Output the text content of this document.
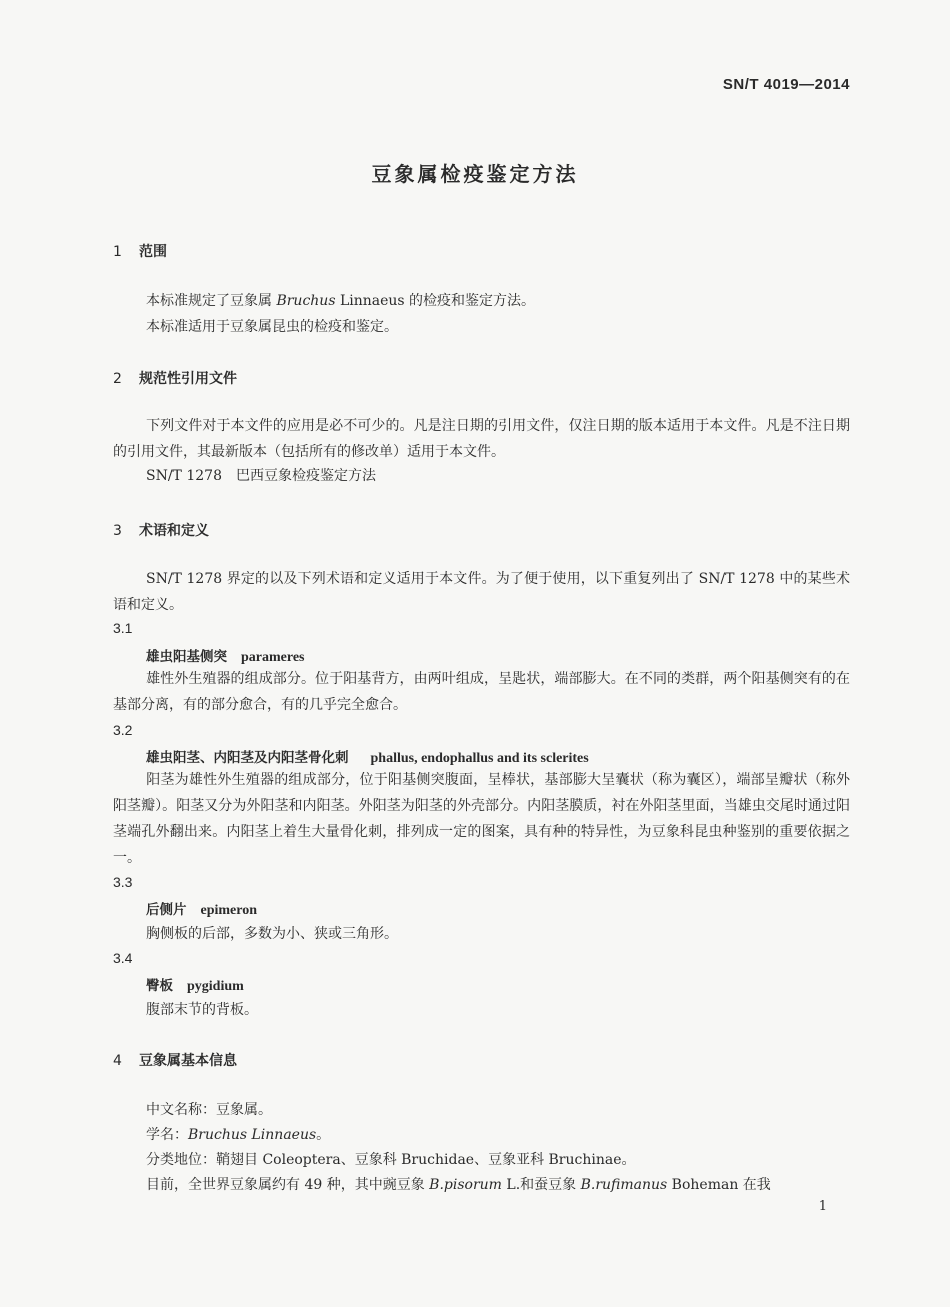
SN/T 4019—2014
豆象属检疫鉴定方法
1 范围
本标准规定了豆象属 Bruchus Linnaeus 的检疫和鉴定方法。
本标准适用于豆象属昆虫的检疫和鉴定。
2 规范性引用文件
下列文件对于本文件的应用是必不可少的。凡是注日期的引用文件，仅注日期的版本适用于本文件。凡是不注日期的引用文件，其最新版本（包括所有的修改单）适用于本文件。
SN/T 1278　巴西豆象检疫鉴定方法
3 术语和定义
SN/T 1278 界定的以及下列术语和定义适用于本文件。为了便于使用，以下重复列出了 SN/T 1278 中的某些术语和定义。
3.1
雄虫阳基侧突 parameres
雄性外生殖器的组成部分。位于阳基背方，由两叶组成，呈匙状，端部膨大。在不同的类群，两个阳基侧突有的在基部分离，有的部分愈合，有的几乎完全愈合。
3.2
雄虫阳茎、内阳茎及内阳茎骨化刺 phallus, endophallus and its sclerites
阳茎为雄性外生殖器的组成部分，位于阳基侧突腹面，呈棒状，基部膨大呈囊状（称为囊区），端部呈瓣状（称外阳茎瓣）。阳茎又分为外阳茎和内阳茎。外阳茎为阳茎的外壳部分。内阳茎膜质，衬在外阳茎里面，当雄虫交尾时通过阳茎端孔外翻出来。内阳茎上着生大量骨化刺，排列成一定的图案，具有种的特异性，为豆象科昆虫种鉴别的重要依据之一。
3.3
后侧片 epimeron
胸侧板的后部，多数为小、狭或三角形。
3.4
臀板 pygidium
腹部末节的背板。
4 豆象属基本信息
中文名称：豆象属。
学名：Bruchus Linnaeus。
分类地位：鞘翅目 Coleoptera、豆象科 Bruchidae、豆象亚科 Bruchinae。
目前，全世界豆象属约有 49 种，其中豌豆象 B.pisorum L.和蚕豆象 B.rufimanus Boheman 在我
1
